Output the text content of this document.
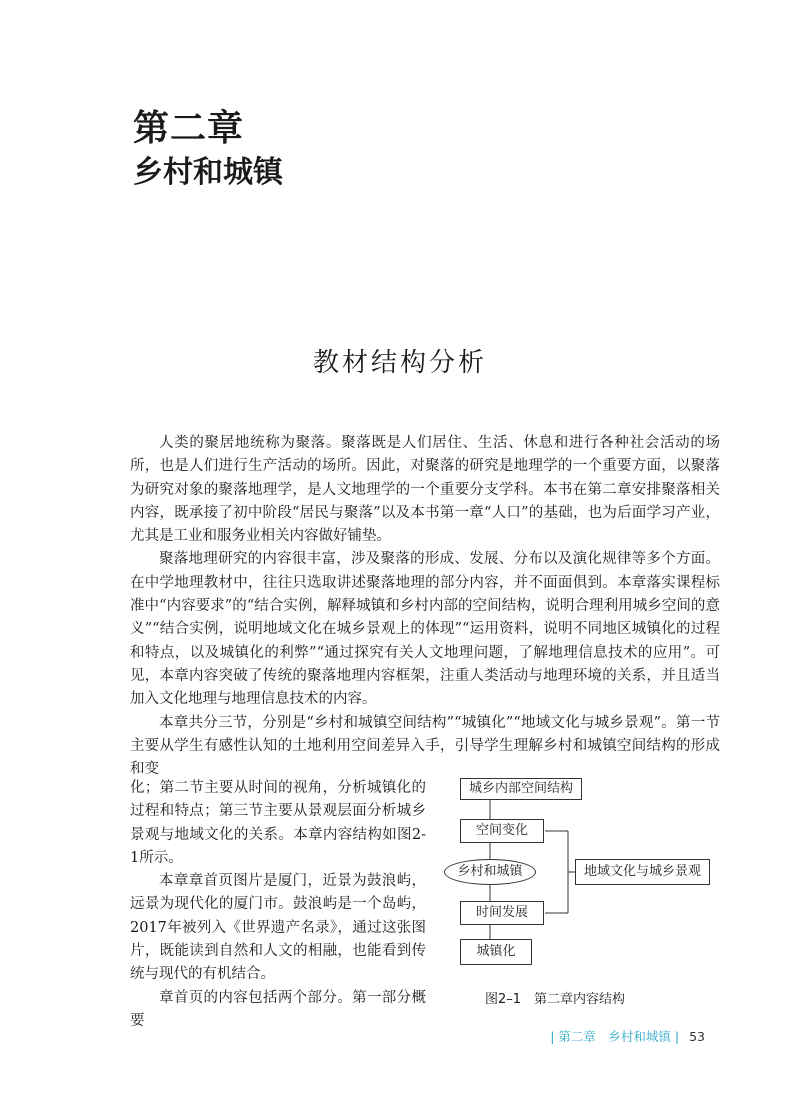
第二章
乡村和城镇
教材结构分析

人类的聚居地统称为聚落。聚落既是人们居住、生活、休息和进行各种社会活动的场所，也是人们进行生产活动的场所。因此，对聚落的研究是地理学的一个重要方面，以聚落为研究对象的聚落地理学，是人文地理学的一个重要分支学科。本书在第二章安排聚落相关内容，既承接了初中阶段“居民与聚落”以及本书第一章“人口”的基础，也为后面学习产业，尤其是工业和服务业相关内容做好铺垫。

聚落地理研究的内容很丰富，涉及聚落的形成、发展、分布以及演化规律等多个方面。在中学地理教材中，往往只选取讲述聚落地理的部分内容，并不面面俱到。本章落实课程标准中“内容要求”的“结合实例，解释城镇和乡村内部的空间结构，说明合理利用城乡空间的意义”“结合实例，说明地域文化在城乡景观上的体现”“运用资料，说明不同地区城镇化的过程和特点，以及城镇化的利弊”“通过探究有关人文地理问题，了解地理信息技术的应用”。可见，本章内容突破了传统的聚落地理内容框架，注重人类活动与地理环境的关系，并且适当加入文化地理与地理信息技术的内容。

本章共分三节，分别是“乡村和城镇空间结构”“城镇化”“地域文化与城乡景观”。第一节主要从学生有感性认知的土地利用空间差异入手，引导学生理解乡村和城镇空间结构的形成和变

化；第二节主要从时间的视角，分析城镇化的过程和特点；第三节主要从景观层面分析城乡景观与地域文化的关系。本章内容结构如图2-1所示。

本章章首页图片是厦门，近景为鼓浪屿，远景为现代化的厦门市。鼓浪屿是一个岛屿，2017年被列入《世界遗产名录》，通过这张图片，既能读到自然和人文的相融，也能看到传统与现代的有机结合。

章首页的内容包括两个部分。第一部分概要

城乡内部空间结构
空间变化
乡村和城镇	地域文化与城乡景观
时间发展
城镇化
图2–1　第二章内容结构
| 第二章　乡村和城镇 | 53
